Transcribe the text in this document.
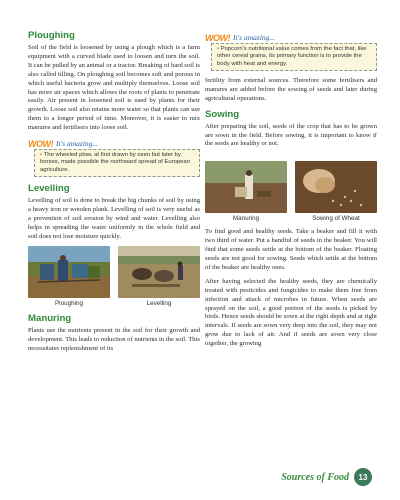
Ploughing

Soil of the field is loosened by using a plough which is a farm equipment with a curved blade used to loosen and turn the soil. It can be pulled by an animal or a tractor. Breaking of hard soil is also called tilling. On ploughing soil becomes soft and porous in which useful bacteria grow and multiply themselves. Loose soil has more air spaces which allows the roots of plants to penetrate easily. Air present in loosened soil is used by plants for their growth. Loose soil also retains more water so that plants can use them to a longer period of time. Moreover, it is easier to mix manures and fertilisers into loose soil.

WOW! It's amazing...
• The wheeled plow, at first drawn by oxen but later by horses, made possible the northward spread of European agriculture.
Levelling

Levelling of soil is done to break the big chunks of soil by using a heavy iron or wooden plank. Levelling of soil is very useful as a prevention of soil erosion by wind and water. Levelling also helps in spreading the water uniformly in the whole field and soil does not lose moisture quickly.

Ploughing	Levelling
Manuring

Plants use the nutrients present in the soil for their growth and development. This leads to reduction of nutrients in the soil. This necessitates replenishment of its

WOW! It's amazing...
• Popcorn's nutritional value comes from the fact that, like other cereal grains, its primary function is to provide the body with heat and energy.

fertility from external sources. Therefore some fertilisers and manures are added before the sowing of seeds and later during agricultural operations.

Sowing

After preparing the soil, seeds of the crop that has to be grown are sown in the field. Before sowing, it is important to know if the seeds are healthy or not.

Manuring	Sowing of Wheat

To find good and healthy seeds. Take a beaker and fill it with two third of water. Put a handful of seeds in the beaker. You will find that some seeds settle at the bottom of the beaker. Floating seeds are not good for sowing. Seeds which settle at the bottom of the beaker are healthy ones.

After having selected the healthy seeds, they are chemically treated with pesticides and fungicides to make them free from infection and attack of microbes in future. When seeds are sprayed on the soil, a good portion of the seeds is picked by birds. Hence seeds should be sown at the right depth and at right intervals. If seeds are sown very deep into the soil, they may not grow due to lack of air. And if seeds are sown very close together, the growing

Sources of Food	13
